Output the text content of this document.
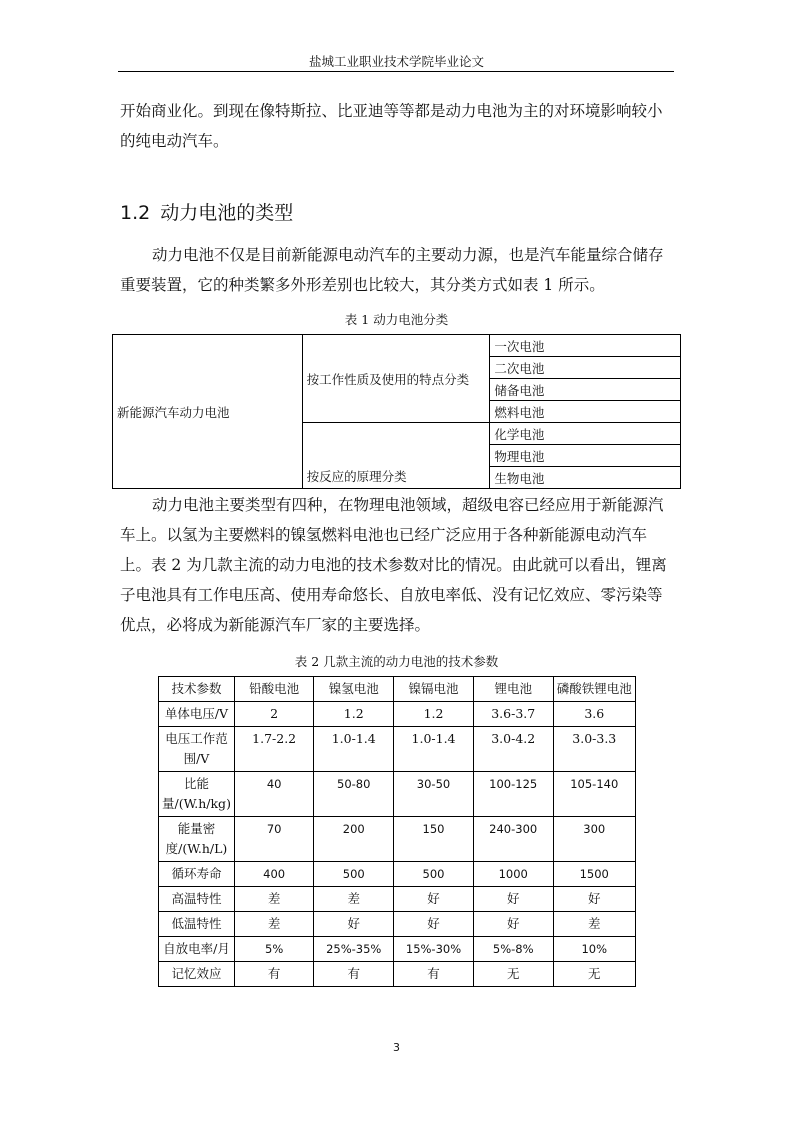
盐城工业职业技术学院毕业论文

开始商业化。到现在像特斯拉、比亚迪等等都是动力电池为主的对环境影响较小的纯电动汽车。

1.2 动力电池的类型

动力电池不仅是目前新能源电动汽车的主要动力源，也是汽车能量综合储存重要装置，它的种类繁多外形差别也比较大，其分类方式如表 1 所示。

表 1 动力电池分类
新能源汽车动力电池	按工作性质及使用的特点分类	一次电池
		二次电池
		储备电池
		燃料电池
	按反应的原理分类	化学电池
		物理电池
		生物电池

动力电池主要类型有四种，在物理电池领域，超级电容已经应用于新能源汽车上。以氢为主要燃料的镍氢燃料电池也已经广泛应用于各种新能源电动汽车上。表 2 为几款主流的动力电池的技术参数对比的情况。由此就可以看出，锂离子电池具有工作电压高、使用寿命悠长、自放电率低、没有记忆效应、零污染等优点，必将成为新能源汽车厂家的主要选择。

表 2 几款主流的动力电池的技术参数
技术参数	铅酸电池	镍氢电池	镍镉电池	锂电池	磷酸铁锂电池
单体电压/V	2	1.2	1.2	3.6-3.7	3.6
电压工作范围/V	1.7-2.2	1.0-1.4	1.0-1.4	3.0-4.2	3.0-3.3
比能量/(W.h/kg)	40	50-80	30-50	100-125	105-140
能量密度/(W.h/L)	70	200	150	240-300	300
循环寿命	400	500	500	1000	1500
高温特性	差	差	好	好	好
低温特性	差	好	好	好	差
自放电率/月	5%	25%-35%	15%-30%	5%-8%	10%
记忆效应	有	有	有	无	无
3
